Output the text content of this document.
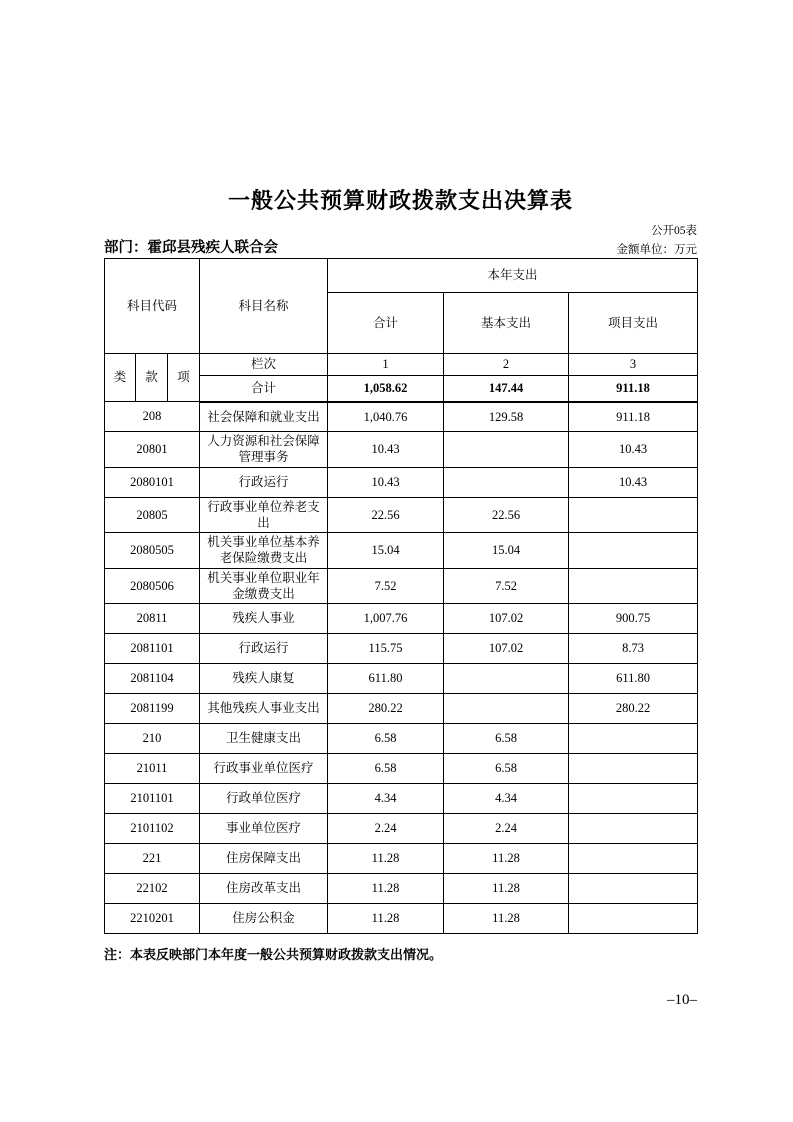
一般公共预算财政拨款支出决算表
公开05表
部门：霍邱县残疾人联合会	金额单位：万元
科目代码			科目名称	本年支出		
				合计	基本支出	项目支出
类	款	项	栏次	1	2	3
			合计	1,058.62	147.44	911.18
208			社会保障和就业支出	1,040.76	129.58	911.18
20801			人力资源和社会保障管理事务	10.43		10.43
2080101			行政运行	10.43		10.43
20805			行政事业单位养老支出	22.56	22.56	
2080505			机关事业单位基本养老保险缴费支出	15.04	15.04	
2080506			机关事业单位职业年金缴费支出	7.52	7.52	
20811			残疾人事业	1,007.76	107.02	900.75
2081101			行政运行	115.75	107.02	8.73
2081104			残疾人康复	611.80		611.80
2081199			其他残疾人事业支出	280.22		280.22
210			卫生健康支出	6.58	6.58	
21011			行政事业单位医疗	6.58	6.58	
2101101			行政单位医疗	4.34	4.34	
2101102			事业单位医疗	2.24	2.24	
221			住房保障支出	11.28	11.28	
22102			住房改革支出	11.28	11.28	
2210201			住房公积金	11.28	11.28	
注：本表反映部门本年度一般公共预算财政拨款支出情况。
–10–
